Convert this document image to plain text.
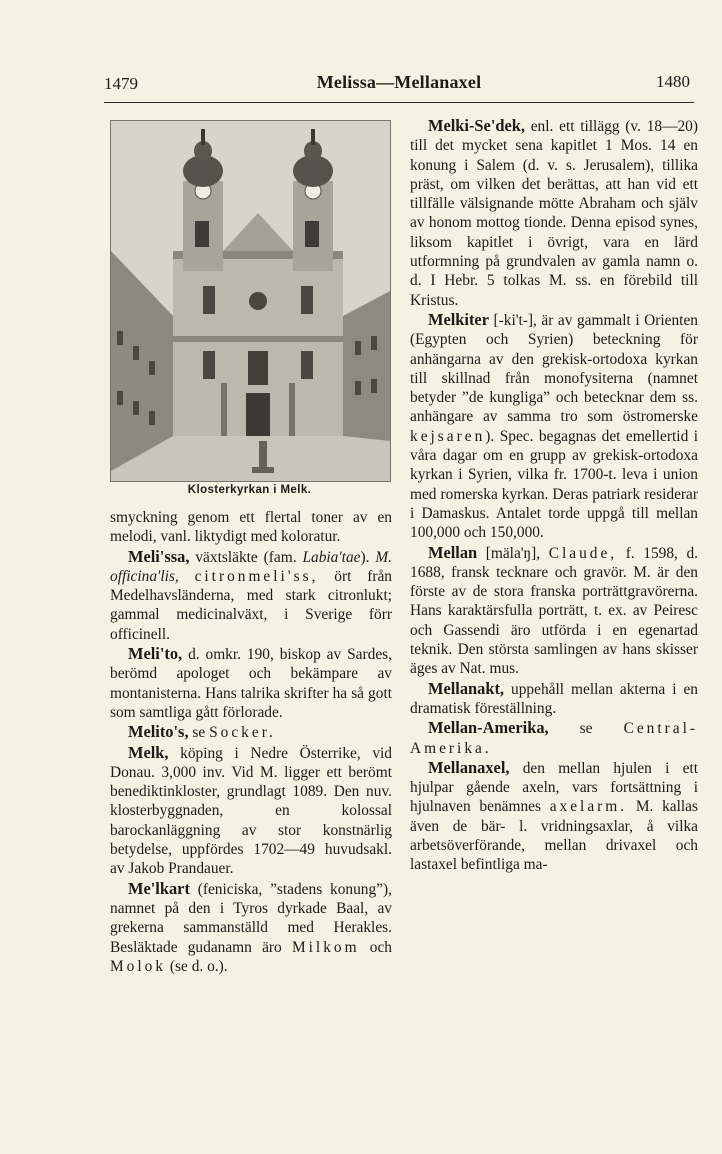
1479	Melissa—Mellanaxel	1480
Klosterkyrkan i Melk.

smyckning genom ett flertal toner av en melodi, vanl. liktydigt med koloratur.

Meli'ssa, växtsläkte (fam. Labia'tae). M. officina'lis, citronmeli'ss, ört från Medelhavsländerna, med stark citronlukt; gammal medicinalväxt, i Sverige förr officinell.

Meli'to, d. omkr. 190, biskop av Sardes, berömd apologet och bekämpare av montanisterna. Hans talrika skrifter ha så gott som samtliga gått förlorade.

Melito's, se Socker.

Melk, köping i Nedre Österrike, vid Donau. 3,000 inv. Vid M. ligger ett berömt benediktinkloster, grundlagt 1089. Den nuv. klosterbyggnaden, en kolossal barockanläggning av stor konstnärlig betydelse, uppfördes 1702—49 huvudsakl. av Jakob Prandauer.

Me'lkart (feniciska, ”stadens konung”), namnet på den i Tyros dyrkade Baal, av grekerna sammanställd med Herakles. Besläktade gudanamn äro Milkom och Molok (se d. o.).

Melki-Se'dek, enl. ett tillägg (v. 18—20) till det mycket sena kapitlet 1 Mos. 14 en konung i Salem (d. v. s. Jerusalem), tillika präst, om vilken det berättas, att han vid ett tillfälle välsignande mötte Abraham och själv av honom mottog tionde. Denna episod synes, liksom kapitlet i övrigt, vara en lärd utformning på grundvalen av gamla namn o. d. I Hebr. 5 tolkas M. ss. en förebild till Kristus.

Melkiter [-ki't-], är av gammalt i Orienten (Egypten och Syrien) beteckning för anhängarna av den grekisk-ortodoxa kyrkan till skillnad från monofysiterna (namnet betyder ”de kungliga” och betecknar dem ss. anhängare av samma tro som östromerske kejsaren). Spec. begagnas det emellertid i våra dagar om en grupp av grekisk-ortodoxa kyrkan i Syrien, vilka fr. 1700-t. leva i union med romerska kyrkan. Deras patriark residerar i Damaskus. Antalet torde uppgå till mellan 100,000 och 150,000.

Mellan [mäla'ŋ], Claude, f. 1598, d. 1688, fransk tecknare och gravör. M. är den förste av de stora franska porträttgravörerna. Hans karaktärsfulla porträtt, t. ex. av Peiresc och Gassendi äro utförda i en egenartad teknik. Den största samlingen av hans skisser äges av Nat. mus.

Mellanakt, uppehåll mellan akterna i en dramatisk föreställning.

Mellan-Amerika, se Central-Amerika.

Mellanaxel, den mellan hjulen i ett hjulpar gående axeln, vars fortsättning i hjulnaven benämnes axelarm. M. kallas även de bär- l. vridningsaxlar, å vilka arbetsöverförande, mellan drivaxel och lastaxel befintliga ma-
